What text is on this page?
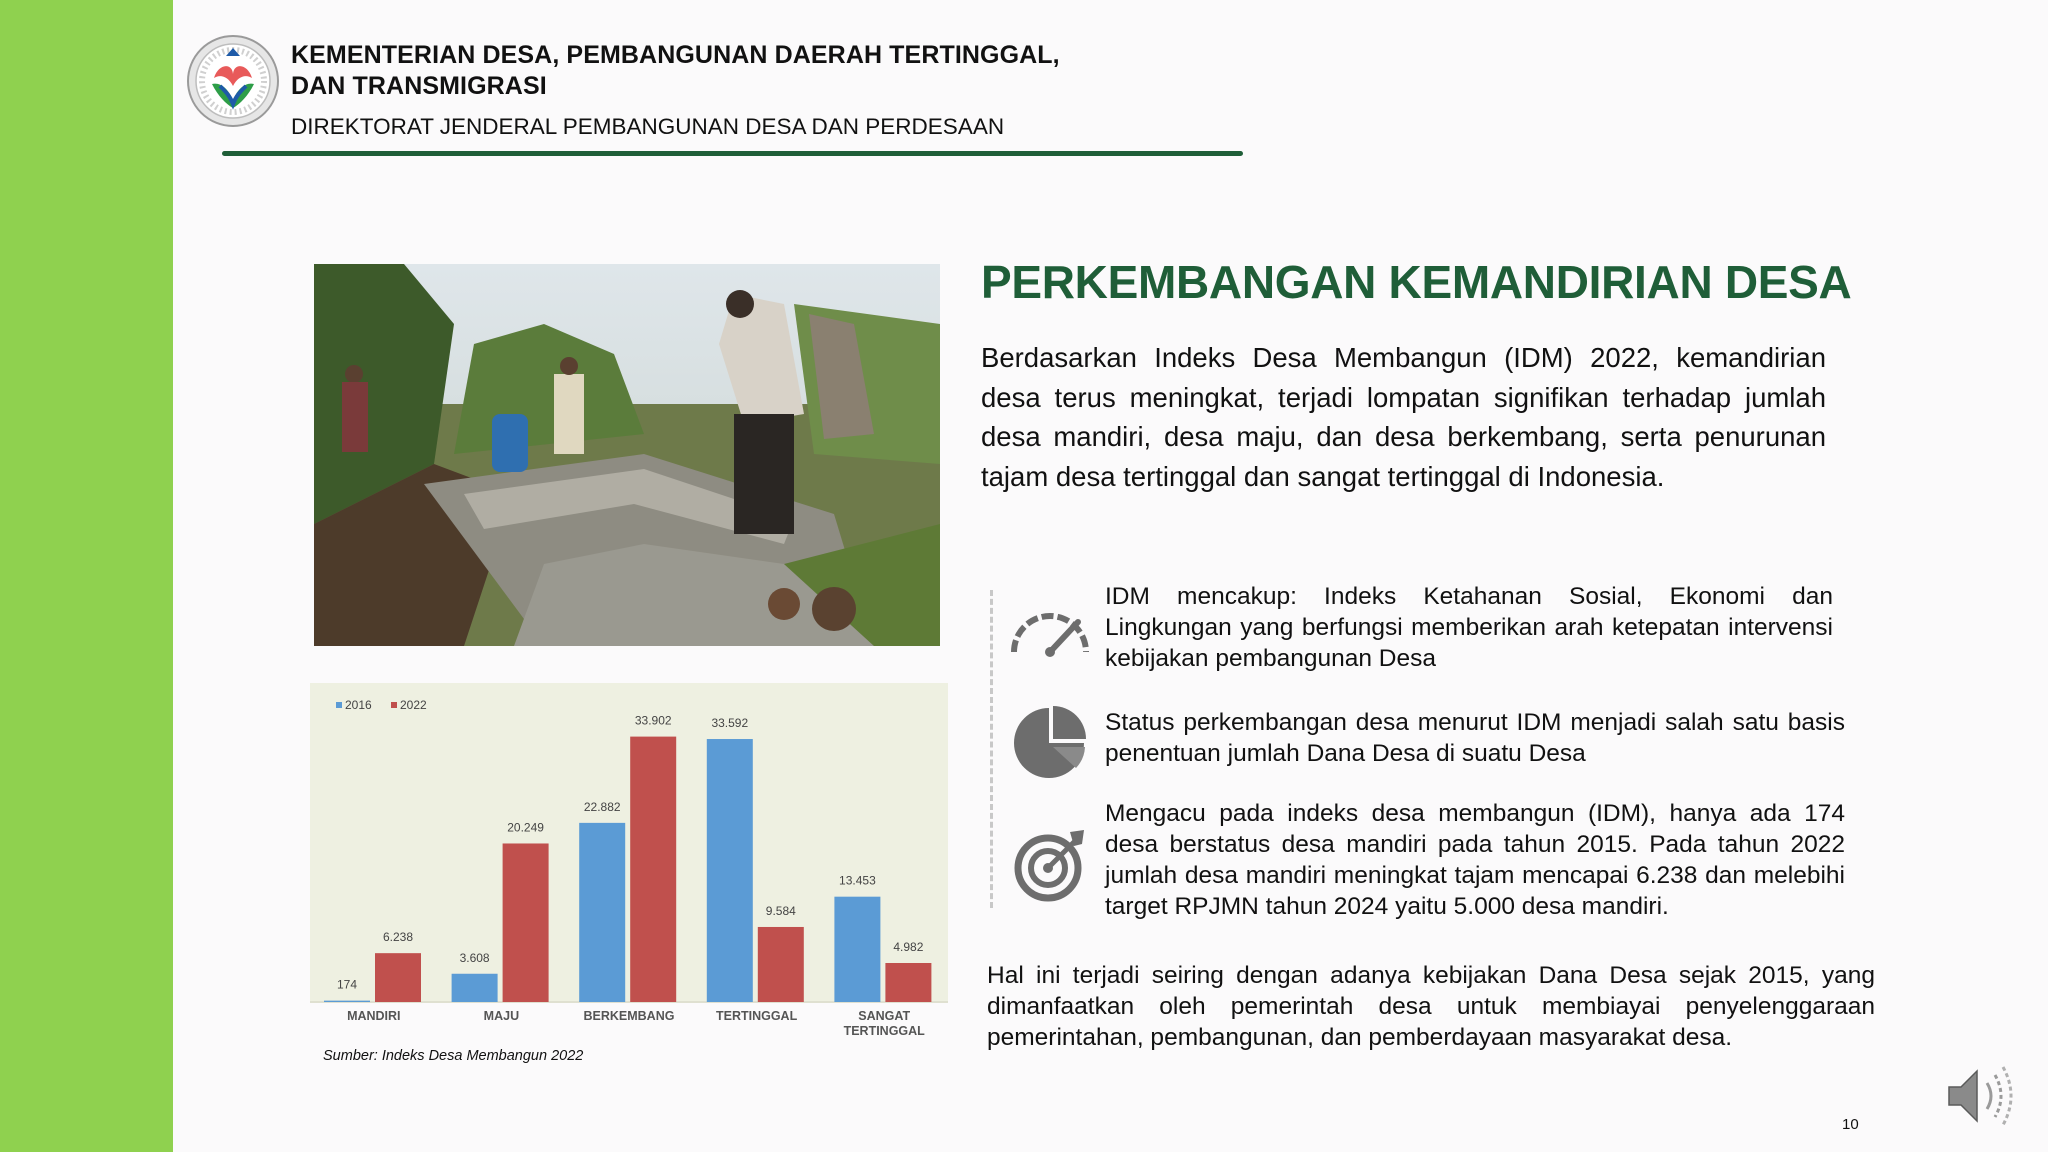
KEMENTERIAN DESA, PEMBANGUNAN DAERAH TERTINGGAL,
DAN TRANSMIGRASI
DIREKTORAT JENDERAL PEMBANGUNAN DESA DAN PERDESAAN
2016 2022
174
6.238
3.608
20.249
22.882
33.902	33.592
9.584
13.453
4.982
Sumber: Indeks Desa Membangun 2022
PERKEMBANGAN KEMANDIRIAN DESA
Berdasarkan Indeks Desa Membangun (IDM) 2022, kemandirian desa terus meningkat, terjadi lompatan signifikan terhadap jumlah desa mandiri, desa maju, dan desa berkembang, serta penurunan tajam desa tertinggal dan sangat tertinggal di Indonesia.
IDM mencakup: Indeks Ketahanan Sosial, Ekonomi dan Lingkungan yang berfungsi memberikan arah ketepatan intervensi kebijakan pembangunan Desa
Status perkembangan desa menurut IDM menjadi salah satu basis penentuan jumlah Dana Desa di suatu Desa
Mengacu pada indeks desa membangun (IDM), hanya ada 174 desa berstatus desa mandiri pada tahun 2015. Pada tahun 2022 jumlah desa mandiri meningkat tajam mencapai 6.238 dan melebihi target RPJMN tahun 2024 yaitu 5.000 desa mandiri.
Hal ini terjadi seiring dengan adanya kebijakan Dana Desa sejak 2015, yang dimanfaatkan oleh pemerintah desa untuk membiayai penyelenggaraan pemerintahan, pembangunan, dan pemberdayaan masyarakat desa.
10
MANDIRI	MAJU	BERKEMBANG	TERTINGGAL	SANGAT
TERTINGGAL
